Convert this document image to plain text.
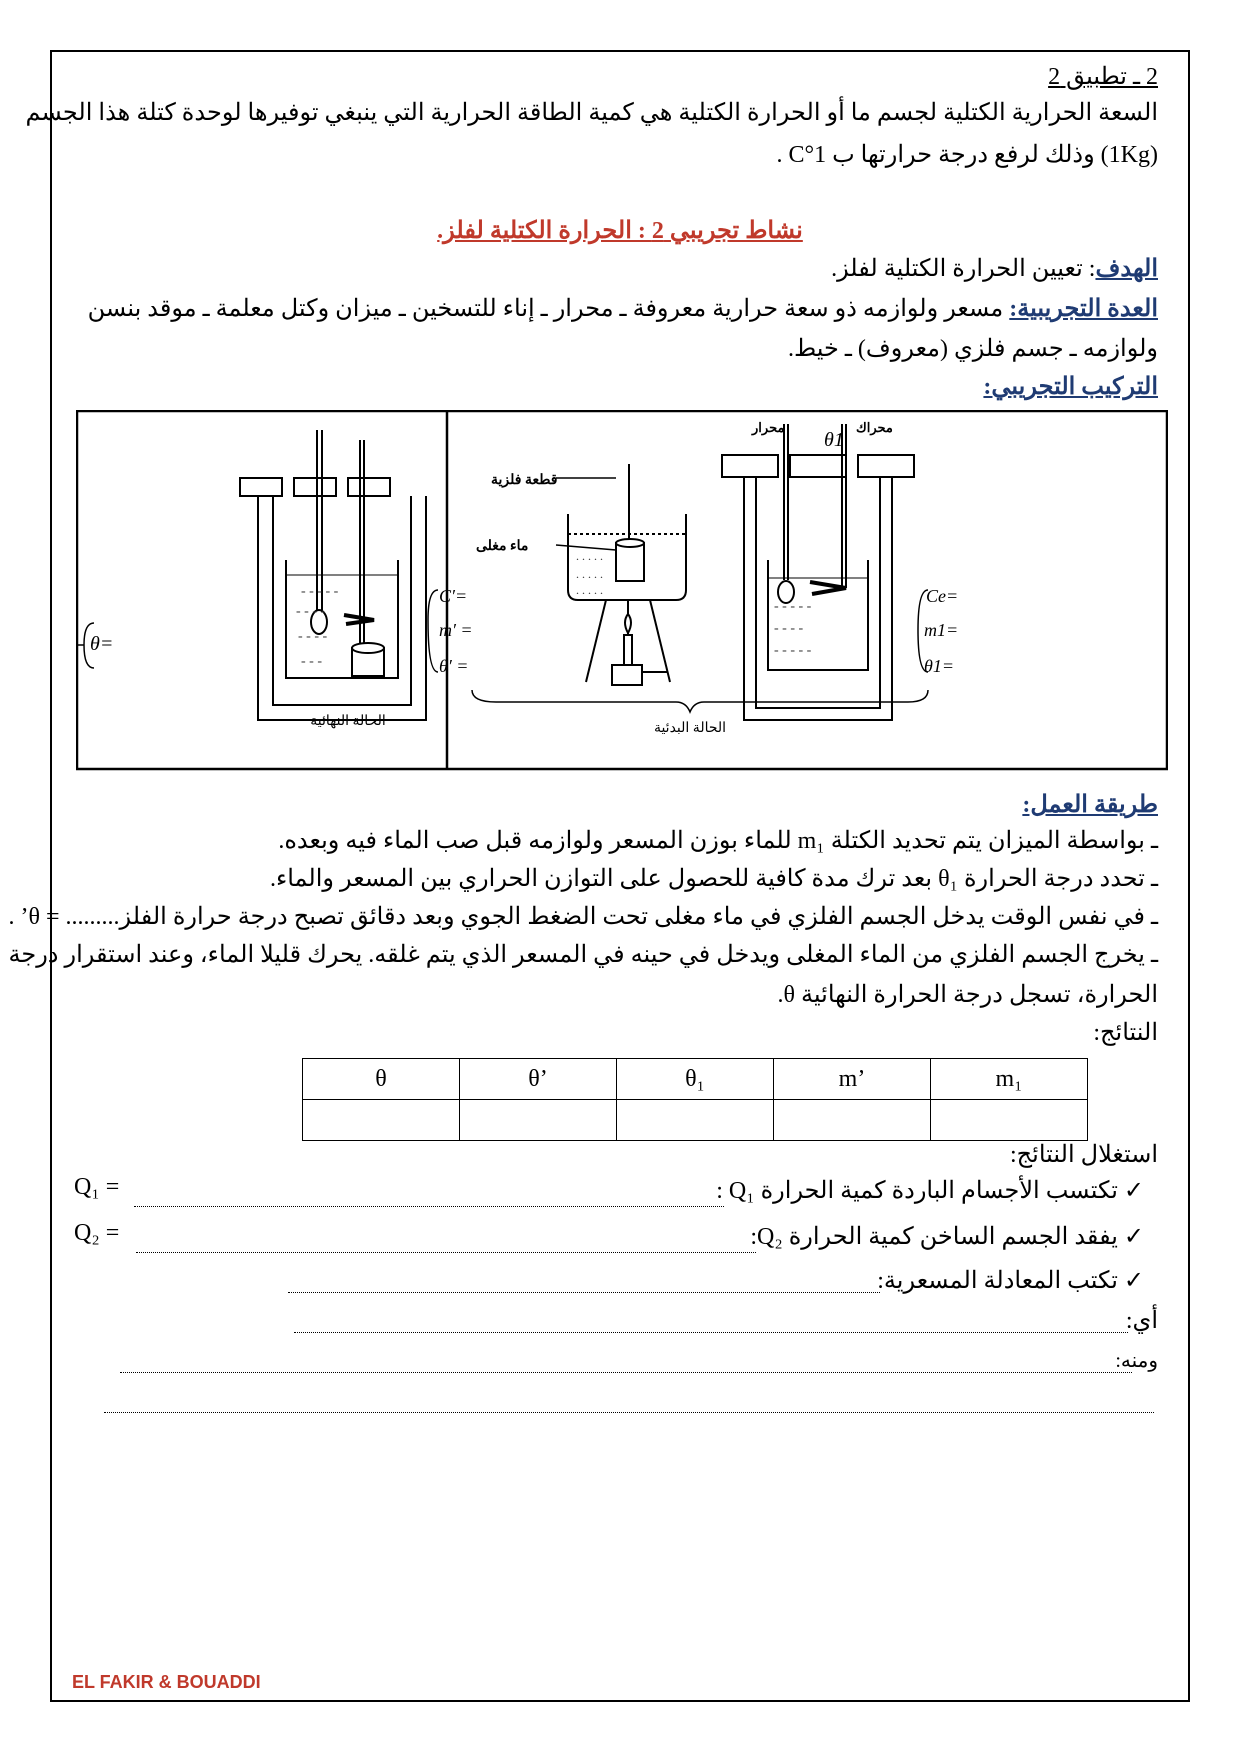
2 ـ تطبيق 2
السعة الحرارية الكتلية لجسم ما أو الحرارة الكتلية هي كمية الطاقة الحرارية التي ينبغي توفيرها لوحدة كتلة هذا الجسم
(1Kg) وذلك لرفع درجة حرارتها ب 1°C .
نشاط تجريبي 2 : الحرارة الكتلية لفلز.
الهدف: تعيين الحرارة الكتلية لفلز.
العدة التجريبية: مسعر ولوازمه ذو سعة حرارية معروفة ـ محرار ـ إناء للتسخين ـ ميزان وكتل معلمة ـ موقد بنسن
ولوازمه ـ جسم فلزي (معروف) ـ خيط.
التركيب التجريبي:
- - - - -
- - - -
- - - -
- - -
θ=
الحالة النهائية
. . . . .
. . . . .
. . . . .
قطعة فلزية
ماء مغلى
C′=
m′ =
θ′ =
- - - - -
- - - -
- - - - -
محرار	محراك
θ1
Ce=
m1=
θ1=
الحالة البدئية
طريقة العمل:
ـ بواسطة الميزان يتم تحديد الكتلة m₁ للماء بوزن المسعر ولوازمه قبل صب الماء فيه وبعده.
ـ تحدد درجة الحرارة θ₁ بعد ترك مدة كافية للحصول على التوازن الحراري بين المسعر والماء.
ـ في نفس الوقت يدخل الجسم الفلزي في ماء مغلى تحت الضغط الجوي وبعد دقائق تصبح درجة حرارة الفلز......... = θ’ .
ـ يخرج الجسم الفلزي من الماء المغلى ويدخل في حينه في المسعر الذي يتم غلقه. يحرك قليلا الماء، وعند استقرار درجة
الحرارة، تسجل درجة الحرارة النهائية θ.
النتائج:
θ	θ’	θ₁	m’	m₁

استغلال النتائج:
✓ تكتسب الأجسام الباردة كمية الحرارة Q₁ :
Q₁ =
✓ يفقد الجسم الساخن كمية الحرارة Q₂:
Q₂ =
✓ تكتب المعادلة المسعرية:
أي:
ومنه:
EL FAKIR & BOUADDI
